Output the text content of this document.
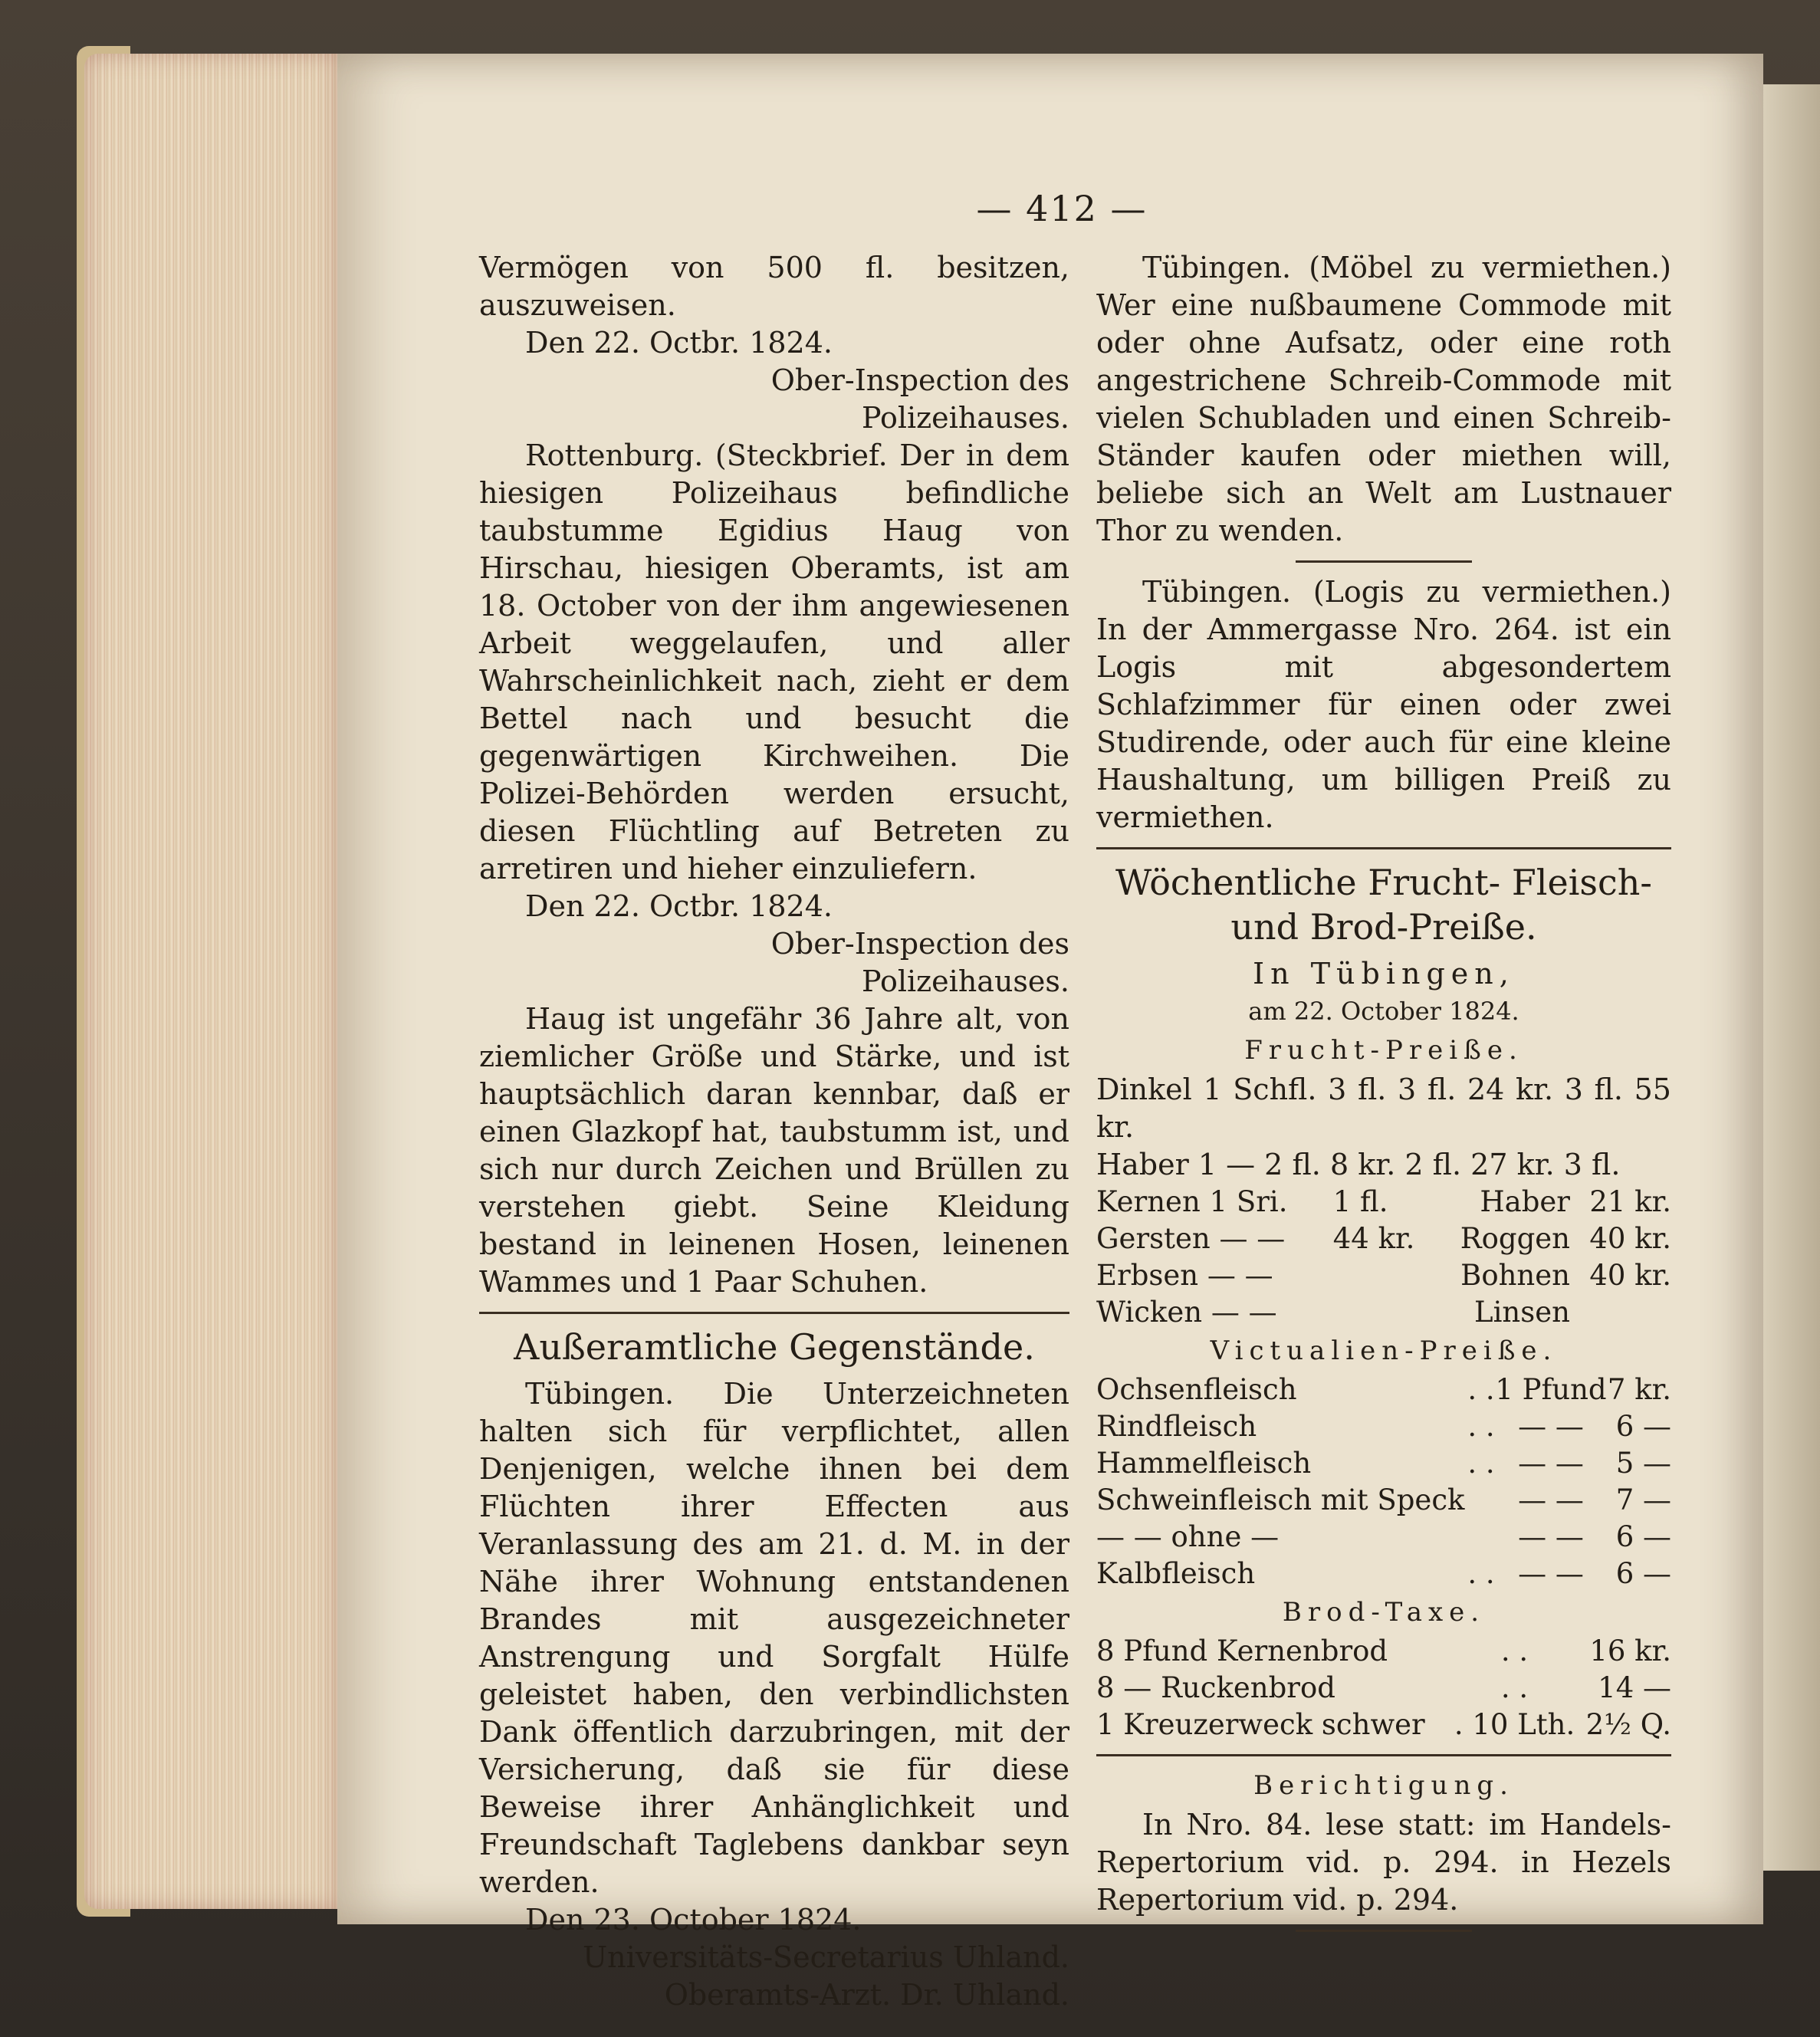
— 412 —

Vermögen von 500 fl. besitzen, auszuweisen.

Den 22. Octbr. 1824.

Ober-Inspection des

Polizeihauses.

Rottenburg. (Steckbrief. Der in dem hiesigen Polizeihaus befindliche taubstumme Egidius Haug von Hirschau, hiesigen Oberamts, ist am 18. October von der ihm angewiesenen Arbeit weggelaufen, und aller Wahrscheinlichkeit nach, zieht er dem Bettel nach und besucht die gegenwärtigen Kirchweihen. Die Polizei-Behörden werden ersucht, diesen Flüchtling auf Betreten zu arretiren und hieher einzuliefern.

Den 22. Octbr. 1824.

Ober-Inspection des

Polizeihauses.

Haug ist ungefähr 36 Jahre alt, von ziemlicher Größe und Stärke, und ist hauptsächlich daran kennbar, daß er einen Glazkopf hat, taubstumm ist, und sich nur durch Zeichen und Brüllen zu verstehen giebt. Seine Kleidung bestand in leinenen Hosen, leinenen Wammes und 1 Paar Schuhen.

Außeramtliche Gegenstände.

Tübingen. Die Unterzeichneten halten sich für verpflichtet, allen Denjenigen, welche ihnen bei dem Flüchten ihrer Effecten aus Veranlassung des am 21. d. M. in der Nähe ihrer Wohnung entstandenen Brandes mit ausgezeichneter Anstrengung und Sorgfalt Hülfe geleistet haben, den verbindlichsten Dank öffentlich darzubringen, mit der Versicherung, daß sie für diese Beweise ihrer Anhänglichkeit und Freundschaft Taglebens dankbar seyn werden.

Den 23. October 1824.

Universitäts-Secretarius Uhland.

Oberamts-Arzt. Dr. Uhland.

Tübingen. (Möbel zu vermiethen.) Wer eine nußbaumene Commode mit oder ohne Aufsatz, oder eine roth angestrichene Schreib-Commode mit vielen Schubladen und einen Schreib-Ständer kaufen oder miethen will, beliebe sich an Welt am Lustnauer Thor zu wenden.

Tübingen. (Logis zu vermiethen.) In der Ammergasse Nro. 264. ist ein Logis mit abgesondertem Schlafzimmer für einen oder zwei Studirende, oder auch für eine kleine Haushaltung, um billigen Preiß zu vermiethen.

Wöchentliche Frucht- Fleisch- und Brod-Preiße.
In Tübingen,
am 22. October 1824.
Frucht-Preiße.

Dinkel 1 Schfl. 3 fl. 3 fl. 24 kr. 3 fl. 55 kr.

Haber 1 — 2 fl. 8 kr. 2 fl. 27 kr. 3 fl.

Kernen 1 Sri.	1 fl.	Haber	21 kr.
Gersten — —	44 kr.	Roggen	40 kr.
Erbsen — —		Bohnen	40 kr.
Wicken — —		Linsen	
Victualien-Preiße.
Ochsenfleisch	. .	1 Pfund	7 kr.
Rindfleisch	. .	— —	6 —
Hammelfleisch	. .	— —	5 —
Schweinfleisch mit Speck		— —	7 —
— — ohne —		— —	6 —
Kalbfleisch	. .	— —	6 —
Brod-Taxe.
8 Pfund Kernenbrod	. .	16 kr.
8 — Ruckenbrod	. .	14 —
1 Kreuzerweck schwer	. 10 Lth.	2½ Q.
Berichtigung.

In Nro. 84. lese statt: im Handels-Repertorium vid. p. 294. in Hezels Repertorium vid. p. 294.
